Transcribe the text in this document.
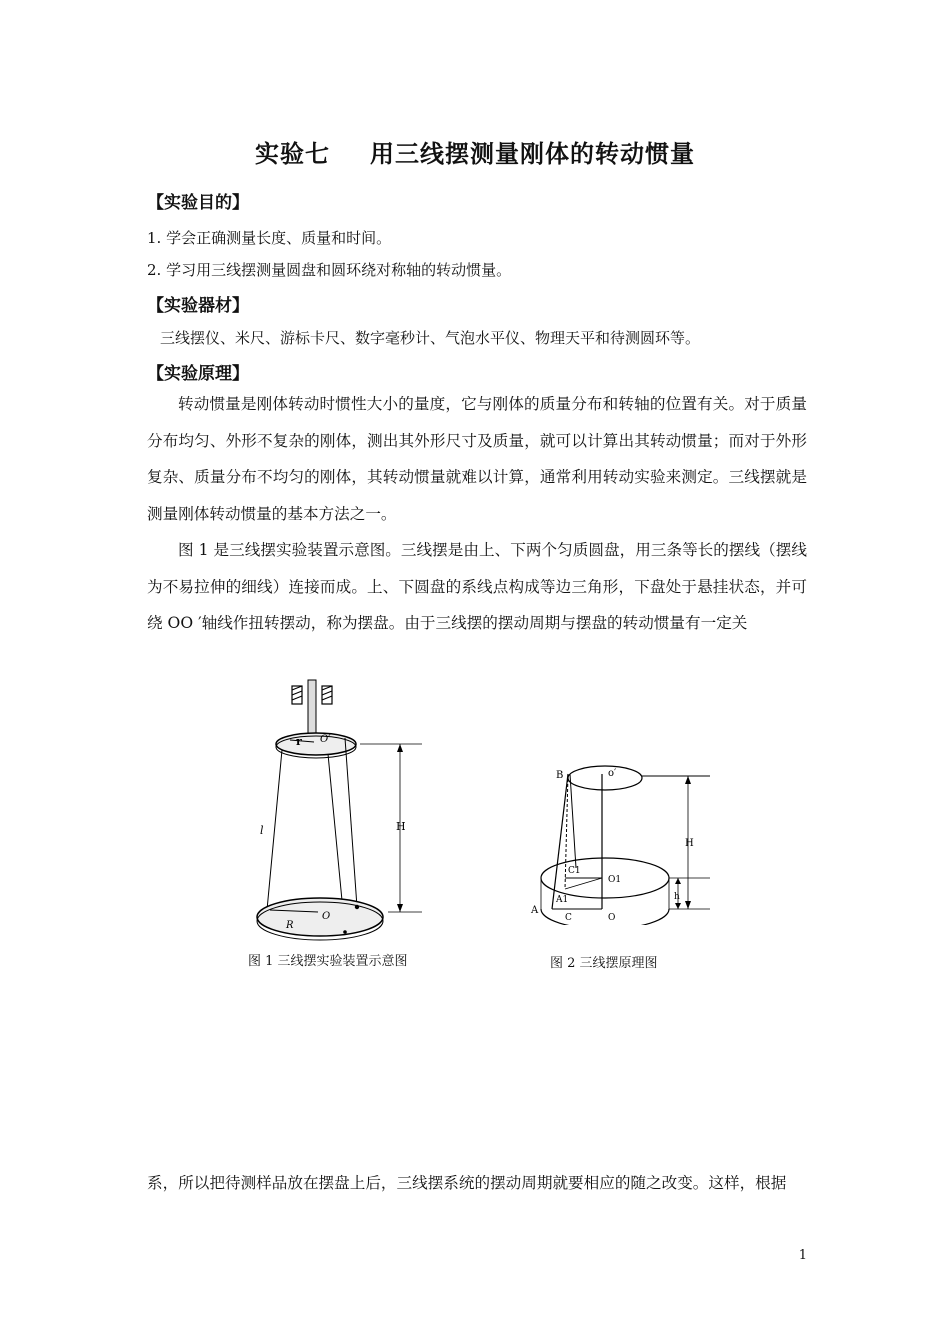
实验七 用三线摆测量刚体的转动惯量
【实验目的】
1. 学会正确测量长度、质量和时间。
2. 学习用三线摆测量圆盘和圆环绕对称轴的转动惯量。
【实验器材】
三线摆仪、米尺、游标卡尺、数字毫秒计、气泡水平仪、物理天平和待测圆环等。
【实验原理】
转动惯量是刚体转动时惯性大小的量度，它与刚体的质量分布和转轴的位置有关。对于质量分布均匀、外形不复杂的刚体，测出其外形尺寸及质量，就可以计算出其转动惯量；而对于外形复杂、质量分布不均匀的刚体，其转动惯量就难以计算，通常利用转动实验来测定。三线摆就是测量刚体转动惯量的基本方法之一。
图 1 是三线摆实验装置示意图。三线摆是由上、下两个匀质圆盘，用三条等长的摆线（摆线为不易拉伸的细线）连接而成。上、下圆盘的系线点构成等边三角形，下盘处于悬挂状态，并可绕 OO ′轴线作扭转摆动，称为摆盘。由于三线摆的摆动周期与摆盘的转动惯量有一定关
r O′
l	H
O
R
图 1 三线摆实验装置示意图
B	o′
H
C1
A1
O1
h
A
C	O
图 2 三线摆原理图
系，所以把待测样品放在摆盘上后，三线摆系统的摆动周期就要相应的随之改变。这样，根据
1
